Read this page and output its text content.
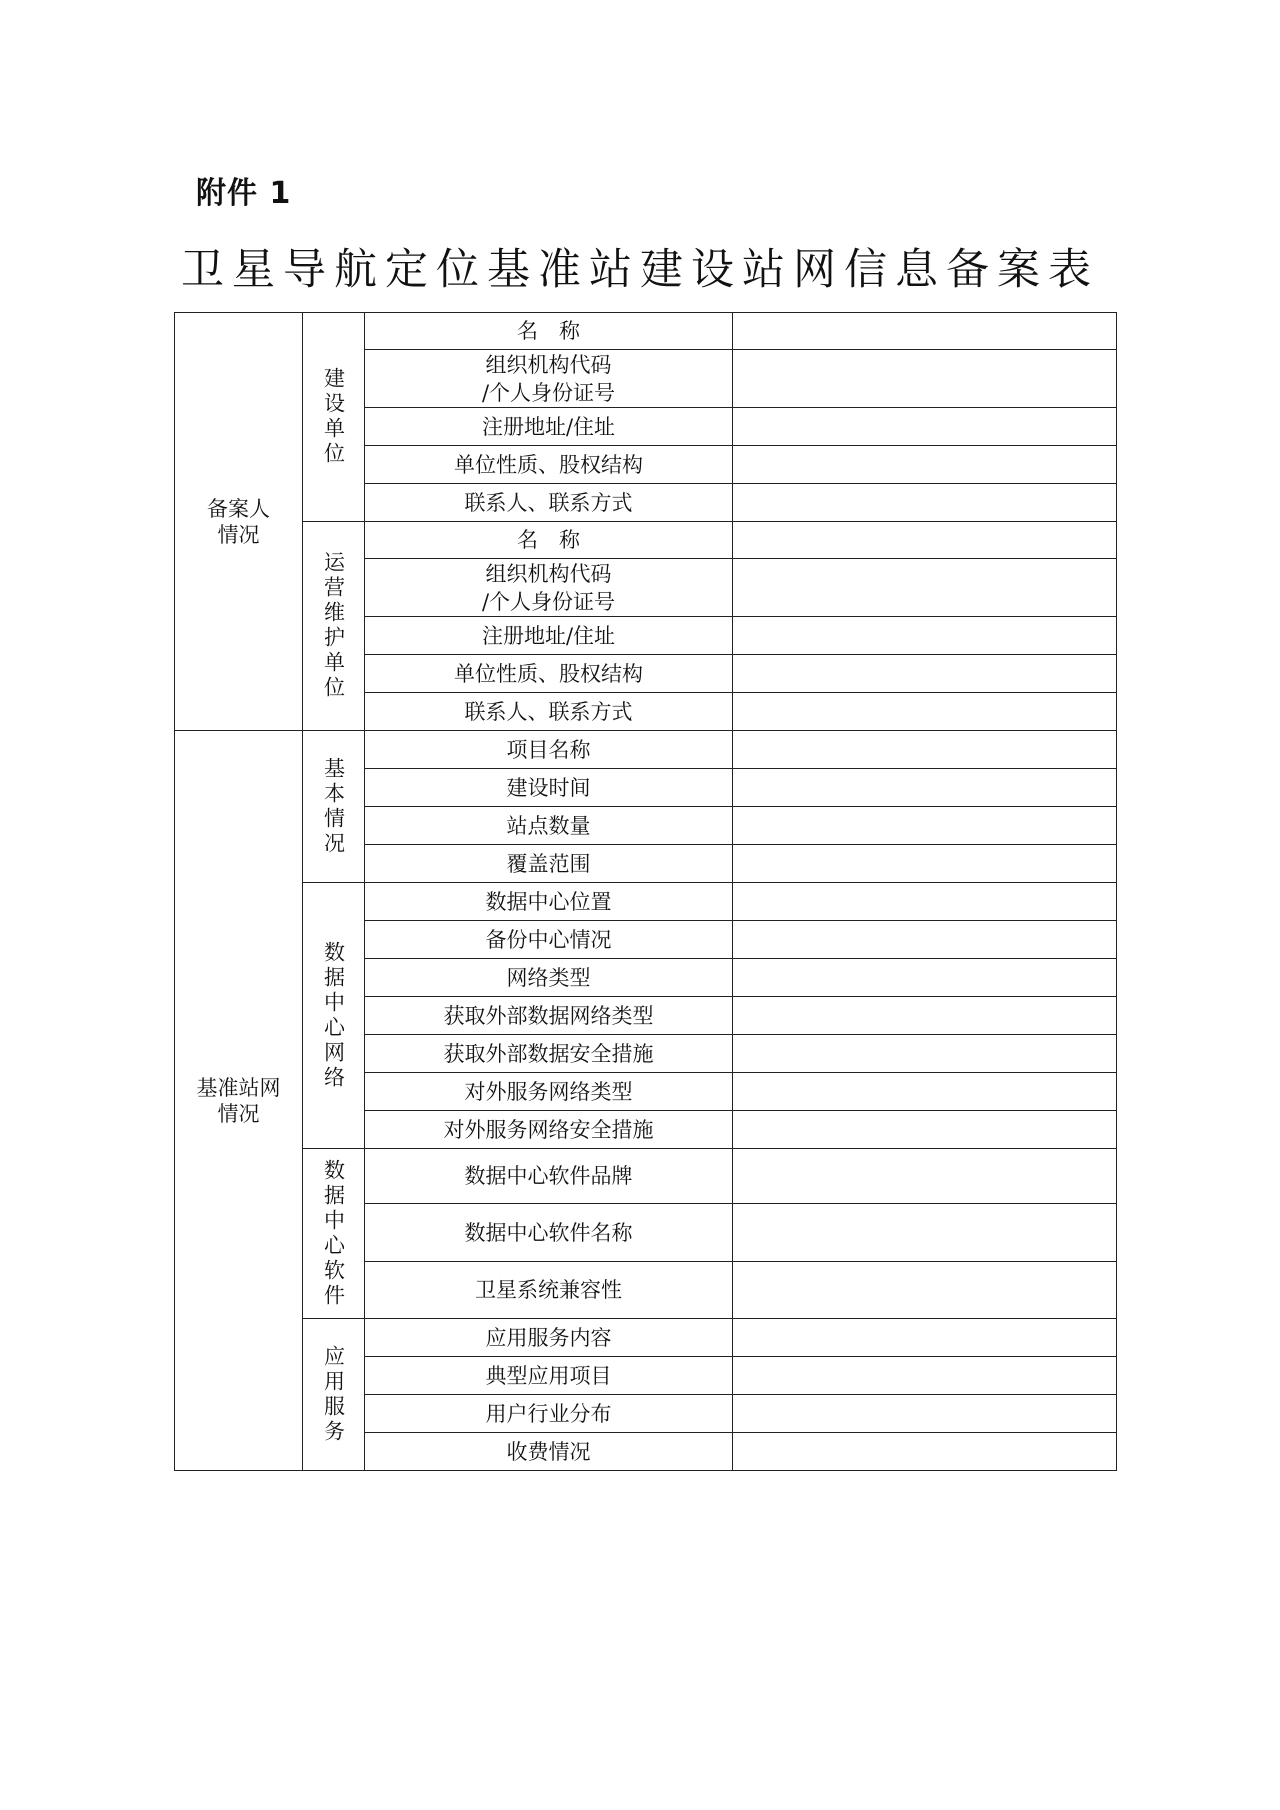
附件 1
卫星导航定位基准站建设站网信息备案表
备案人情况	建设单位	名　称	

		组织机构代码
/个人身份证号	

		注册地址/住址	
		单位性质、股权结构	
		联系人、联系方式	
	运营维护单位	名　称	

		组织机构代码
/个人身份证号	

		注册地址/住址	
		单位性质、股权结构	
		联系人、联系方式	
基准站网情况	基本情况	项目名称	
		建设时间	
		站点数量	
		覆盖范围	
	数据中心网络	数据中心位置	
		备份中心情况	
		网络类型	
		获取外部数据网络类型	
		获取外部数据安全措施	
		对外服务网络类型	
		对外服务网络安全措施	
	数据中心软件	数据中心软件品牌	
		数据中心软件名称	
		卫星系统兼容性	
	应用服务	应用服务内容	
		典型应用项目	
		用户行业分布	
		收费情况	
